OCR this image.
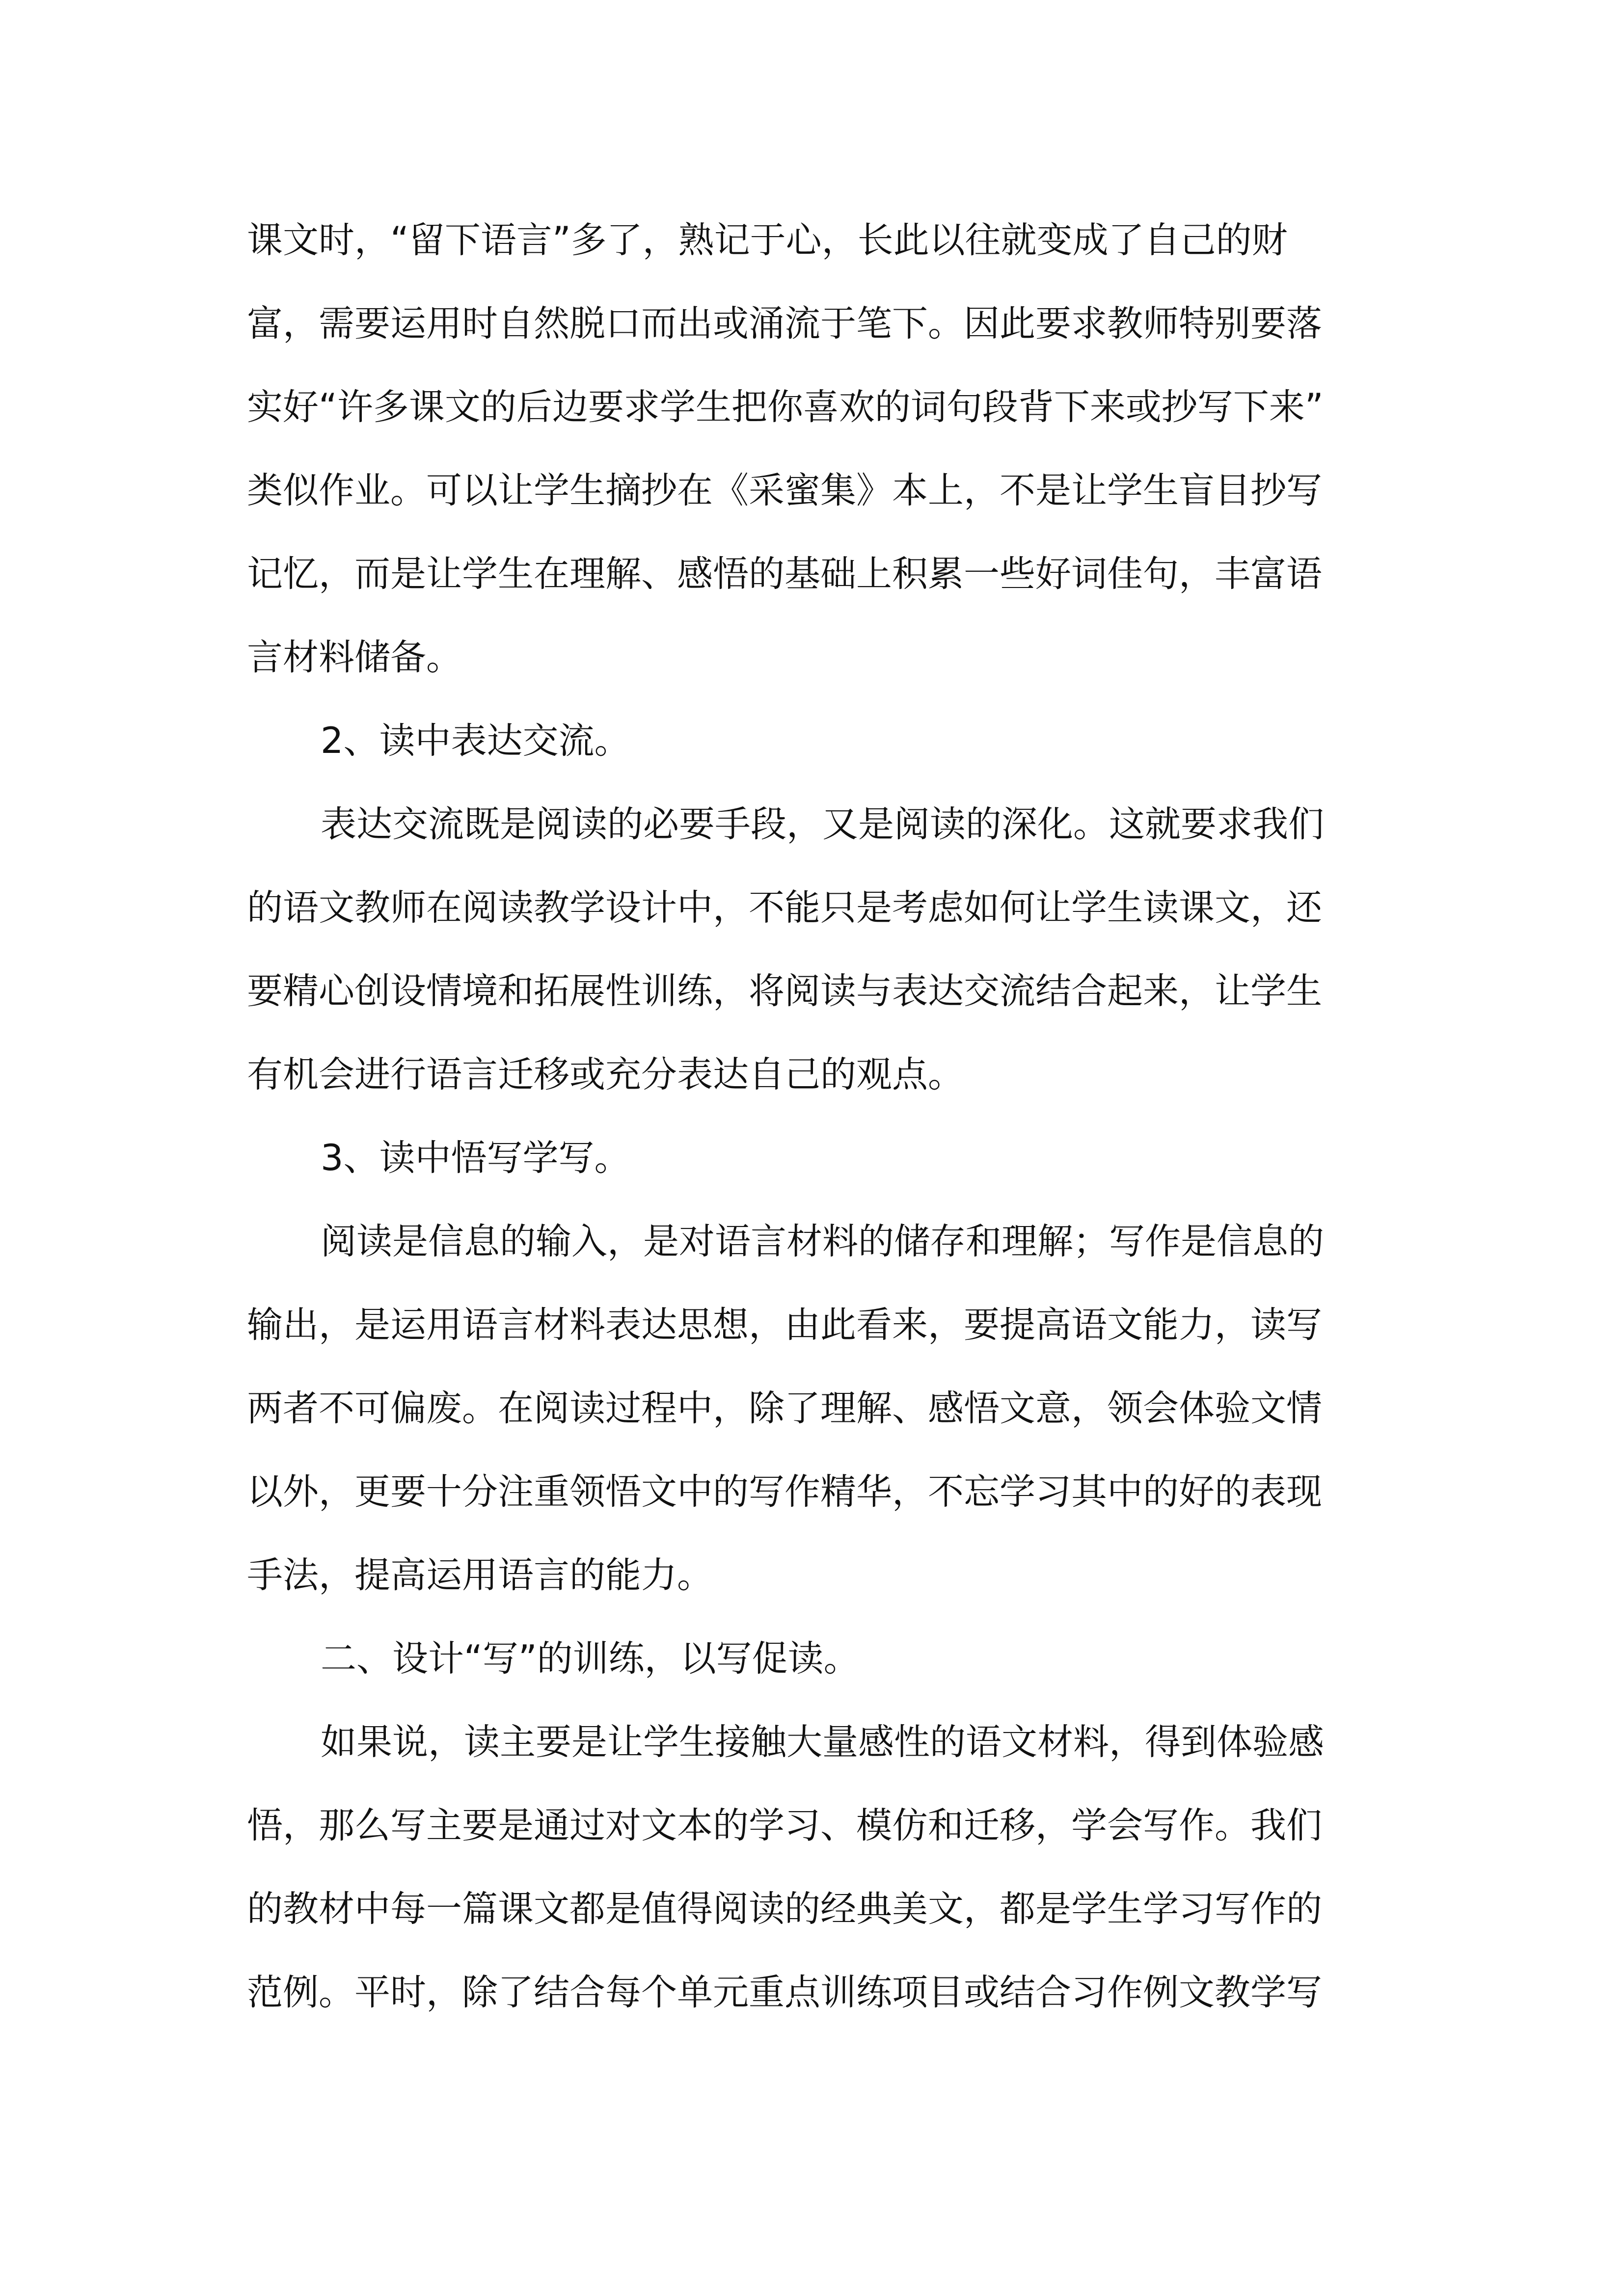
课文时，“留下语言”多了，熟记于心，长此以往就变成了自己的财
富，需要运用时自然脱口而出或涌流于笔下。因此要求教师特别要落
实好“许多课文的后边要求学生把你喜欢的词句段背下来或抄写下来”
类似作业。可以让学生摘抄在《采蜜集》本上，不是让学生盲目抄写
记忆，而是让学生在理解、感悟的基础上积累一些好词佳句，丰富语
言材料储备。
2、读中表达交流。
表达交流既是阅读的必要手段，又是阅读的深化。这就要求我们
的语文教师在阅读教学设计中，不能只是考虑如何让学生读课文，还
要精心创设情境和拓展性训练，将阅读与表达交流结合起来，让学生
有机会进行语言迁移或充分表达自己的观点。
3、读中悟写学写。
阅读是信息的输入，是对语言材料的储存和理解；写作是信息的
输出，是运用语言材料表达思想，由此看来，要提高语文能力，读写
两者不可偏废。在阅读过程中，除了理解、感悟文意，领会体验文情
以外，更要十分注重领悟文中的写作精华，不忘学习其中的好的表现
手法，提高运用语言的能力。
二、设计“写”的训练，以写促读。
如果说，读主要是让学生接触大量感性的语文材料，得到体验感
悟，那么写主要是通过对文本的学习、模仿和迁移，学会写作。我们
的教材中每一篇课文都是值得阅读的经典美文，都是学生学习写作的
范例。平时，除了结合每个单元重点训练项目或结合习作例文教学写
